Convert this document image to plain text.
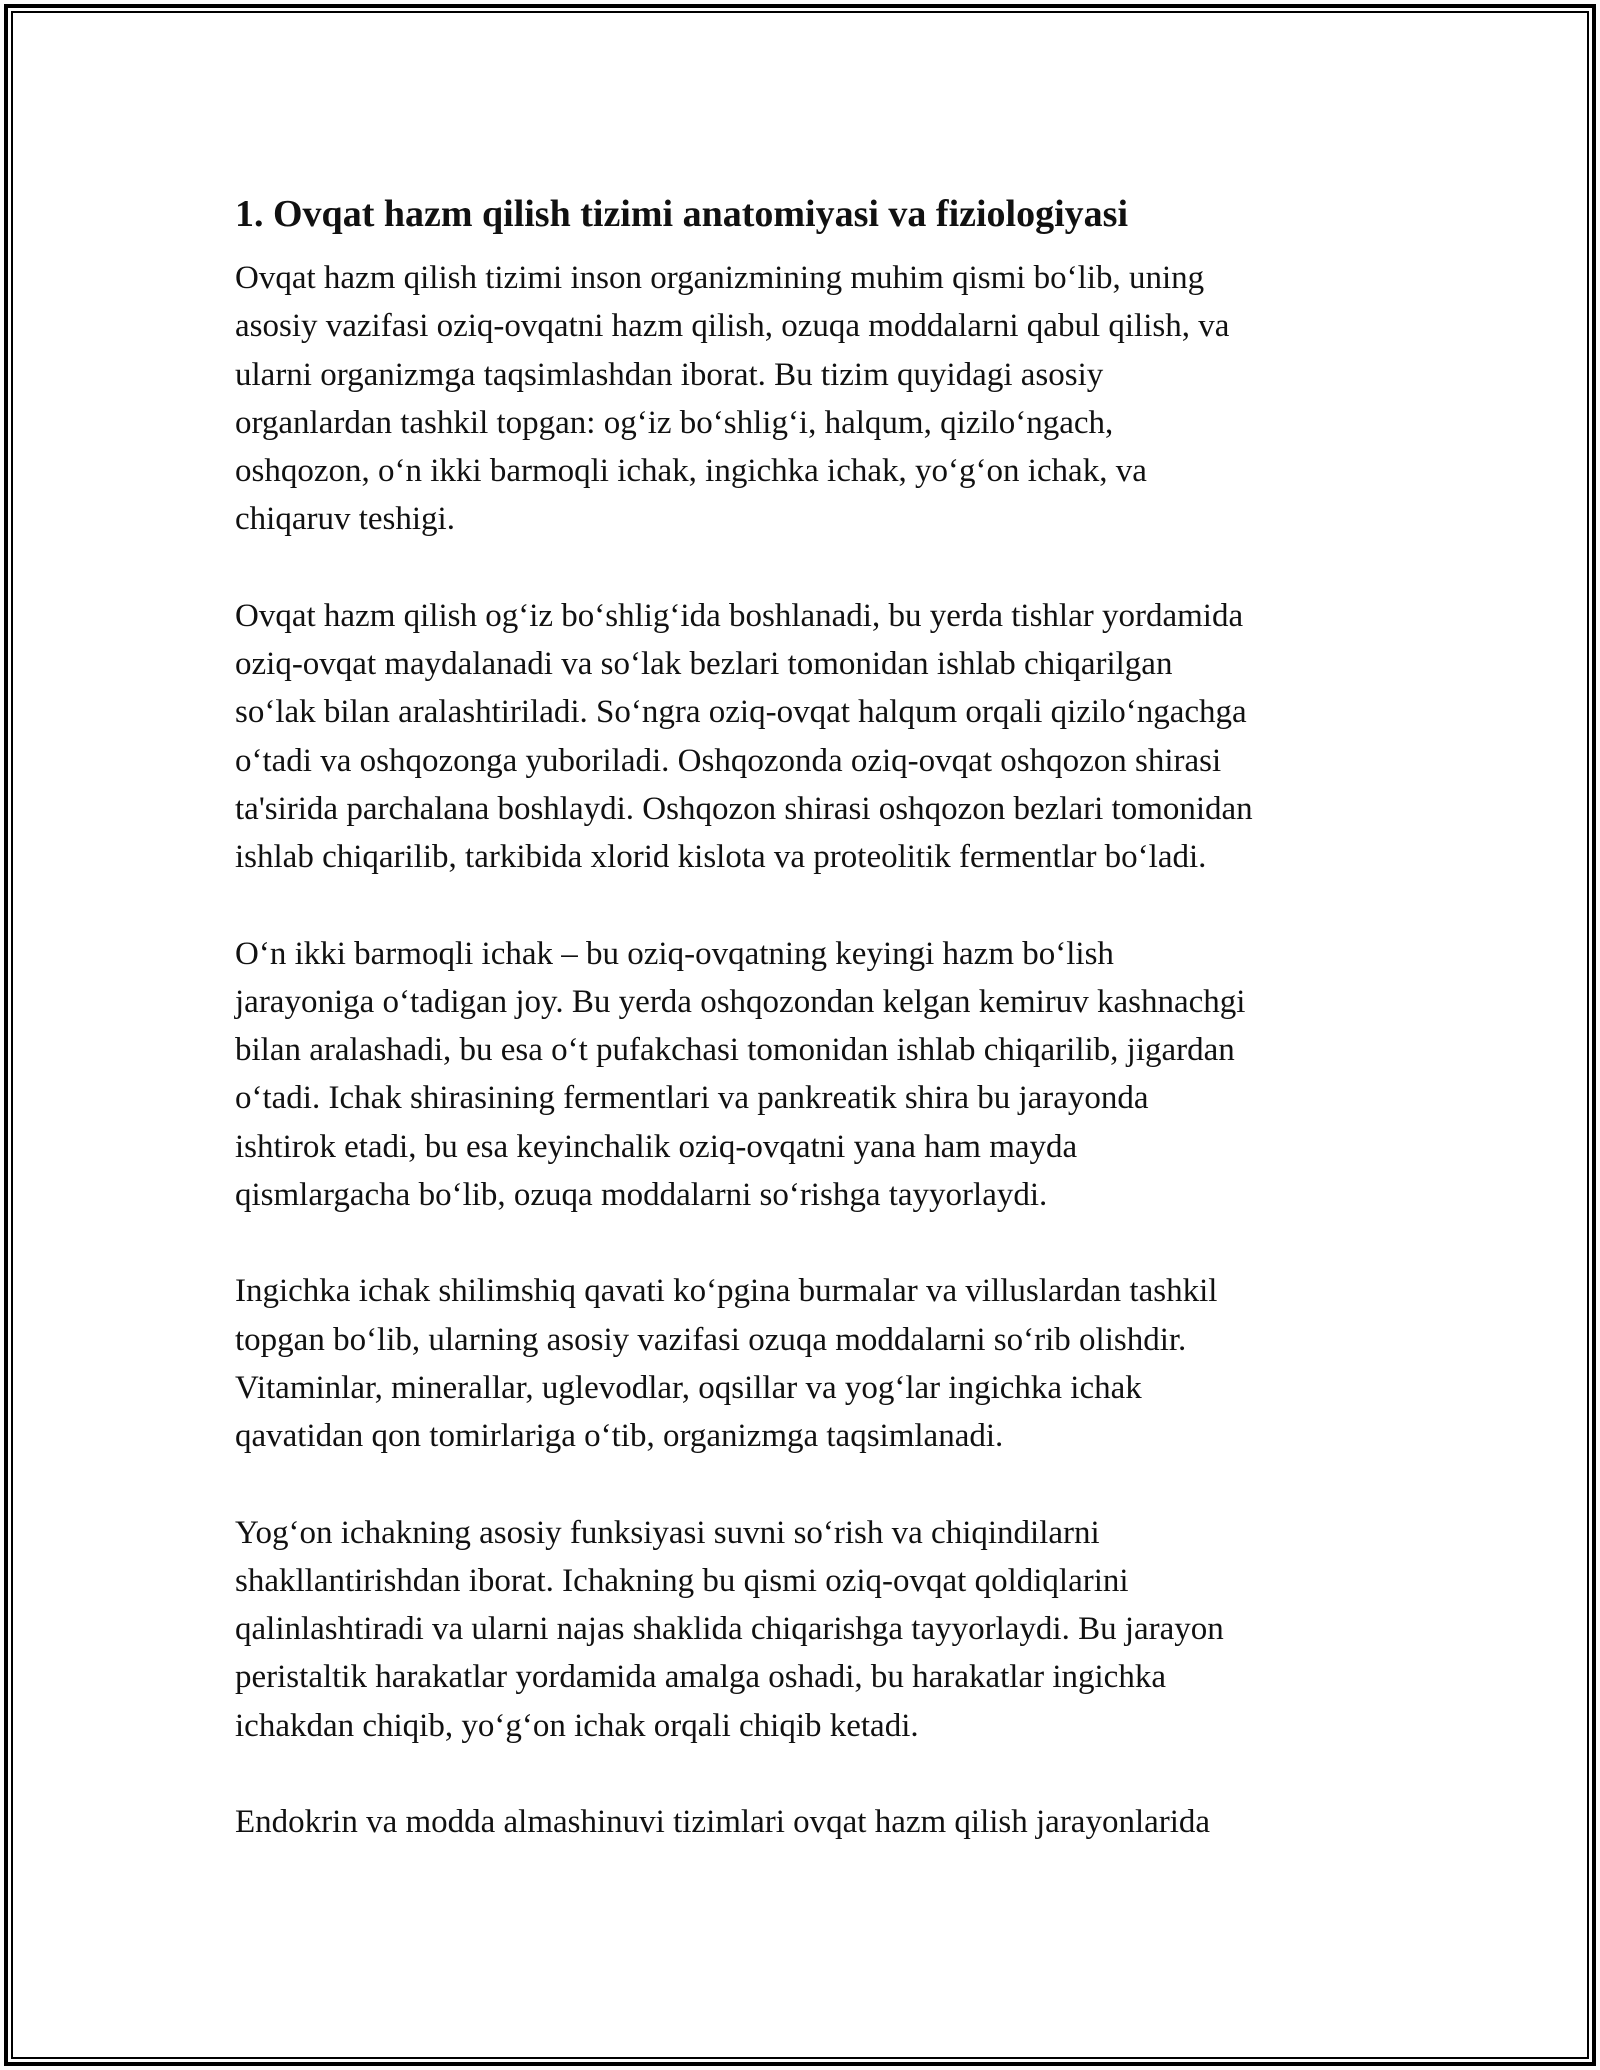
1. Ovqat hazm qilish tizimi anatomiyasi va fiziologiyasi

Ovqat hazm qilish tizimi inson organizmining muhim qismi bo‘lib, uning
asosiy vazifasi oziq-ovqatni hazm qilish, ozuqa moddalarni qabul qilish, va
ularni organizmga taqsimlashdan iborat. Bu tizim quyidagi asosiy
organlardan tashkil topgan: og‘iz bo‘shlig‘i, halqum, qizilo‘ngach,
oshqozon, o‘n ikki barmoqli ichak, ingichka ichak, yo‘g‘on ichak, va
chiqaruv teshigi.

Ovqat hazm qilish og‘iz bo‘shlig‘ida boshlanadi, bu yerda tishlar yordamida
oziq-ovqat maydalanadi va so‘lak bezlari tomonidan ishlab chiqarilgan
so‘lak bilan aralashtiriladi. So‘ngra oziq-ovqat halqum orqali qizilo‘ngachga
o‘tadi va oshqozonga yuboriladi. Oshqozonda oziq-ovqat oshqozon shirasi
ta'sirida parchalana boshlaydi. Oshqozon shirasi oshqozon bezlari tomonidan
ishlab chiqarilib, tarkibida xlorid kislota va proteolitik fermentlar bo‘ladi.

O‘n ikki barmoqli ichak – bu oziq-ovqatning keyingi hazm bo‘lish
jarayoniga o‘tadigan joy. Bu yerda oshqozondan kelgan kemiruv kashnachgi
bilan aralashadi, bu esa o‘t pufakchasi tomonidan ishlab chiqarilib, jigardan
o‘tadi. Ichak shirasining fermentlari va pankreatik shira bu jarayonda
ishtirok etadi, bu esa keyinchalik oziq-ovqatni yana ham mayda
qismlargacha bo‘lib, ozuqa moddalarni so‘rishga tayyorlaydi.

Ingichka ichak shilimshiq qavati ko‘pgina burmalar va villuslardan tashkil
topgan bo‘lib, ularning asosiy vazifasi ozuqa moddalarni so‘rib olishdir.
Vitaminlar, minerallar, uglevodlar, oqsillar va yog‘lar ingichka ichak
qavatidan qon tomirlariga o‘tib, organizmga taqsimlanadi.

Yog‘on ichakning asosiy funksiyasi suvni so‘rish va chiqindilarni
shakllantirishdan iborat. Ichakning bu qismi oziq-ovqat qoldiqlarini
qalinlashtiradi va ularni najas shaklida chiqarishga tayyorlaydi. Bu jarayon
peristaltik harakatlar yordamida amalga oshadi, bu harakatlar ingichka
ichakdan chiqib, yo‘g‘on ichak orqali chiqib ketadi.

Endokrin va modda almashinuvi tizimlari ovqat hazm qilish jarayonlarida
